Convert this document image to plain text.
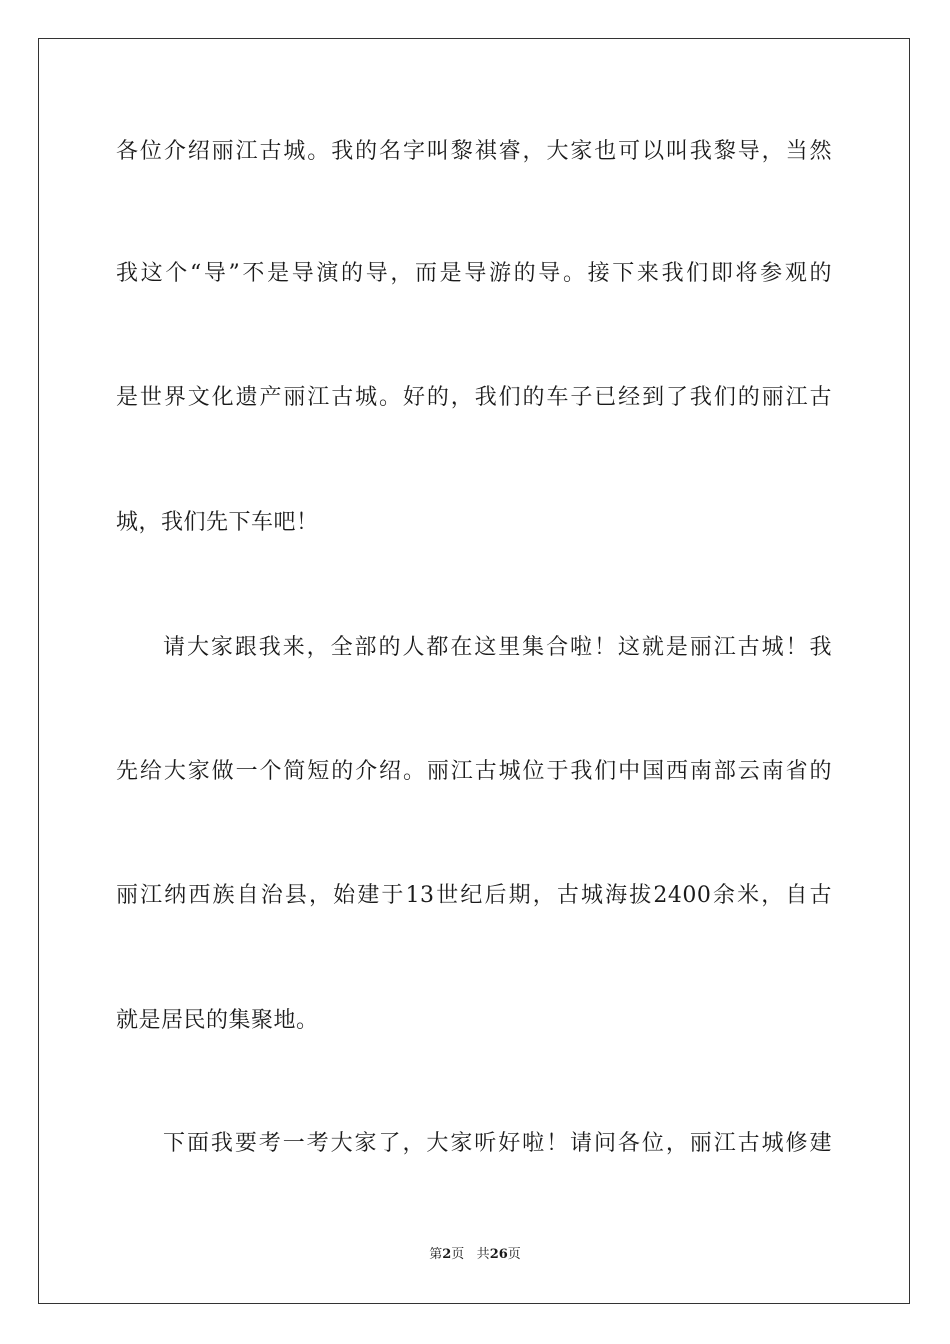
各位介绍丽江古城。我的名字叫黎祺睿，大家也可以叫我黎导，当然
我这个“导”不是导演的导，而是导游的导。接下来我们即将参观的
是世界文化遗产丽江古城。好的，我们的车子已经到了我们的丽江古
城，我们先下车吧！
请大家跟我来，全部的人都在这里集合啦！这就是丽江古城！我
先给大家做一个简短的介绍。丽江古城位于我们中国西南部云南省的
丽江纳西族自治县，始建于13世纪后期，古城海拔2400余米，自古
就是居民的集聚地。
下面我要考一考大家了，大家听好啦！请问各位，丽江古城修建
第2页 共26页
